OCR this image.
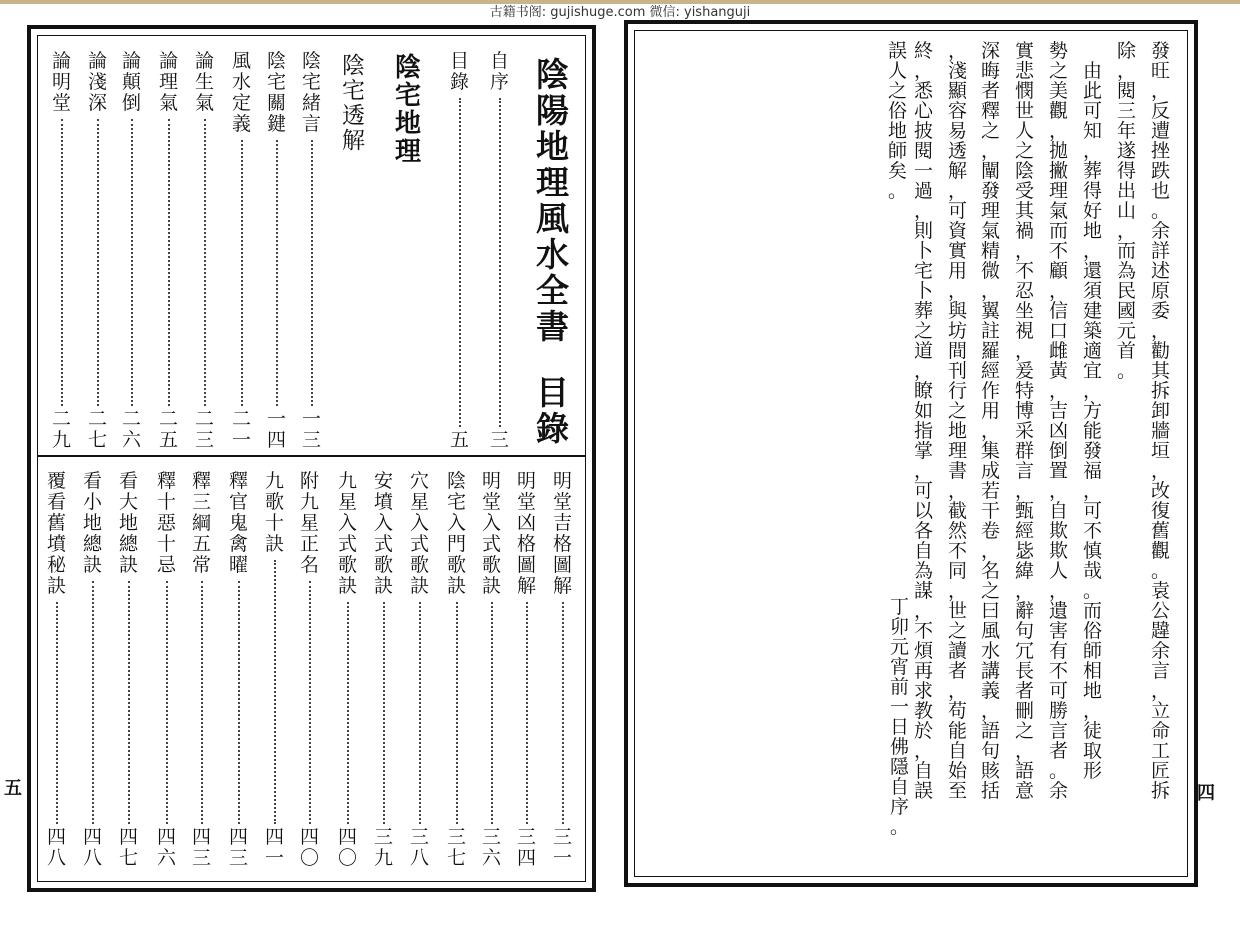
古籍书阁: gujishuge.com 微信: yishanguji
五	四
陰
陽
地
理
風
水
全
書
目
錄
自
序
三
目
錄
五
陰
宅
地
理
陰
宅
透
解
陰
宅
緒
言
一
三
陰
宅
關
鍵
一
四
風
水
定
義
二
一
論
生
氣
二
三
論
理
氣
二
五
論
顛
倒
二
六
論
淺
深
二
七
論
明
堂
二
九
明
堂
吉
格
圖
解
三
一
明
堂
凶
格
圖
解
三
四
明
堂
入
式
歌
訣
三
六
陰
宅
入
門
歌
訣
三
七
穴
星
入
式
歌
訣
三
八
安
墳
入
式
歌
訣
三
九
九
星
入
式
歌
訣
四
〇
附
九
星
正
名
四
〇
九
歌
十
訣
四
一
釋
官
鬼
禽
曜
四
三
釋
三
綱
五
常
四
三
釋
十
惡
十
忌
四
六
看
大
地
總
訣
四
七
看
小
地
總
訣
四
八
覆
看
舊
墳
秘
訣
四
八
發
旺
，
反
遭
挫
跌
也
。
余
詳
述
原
委
，
勸
其
拆
卸
牆
垣
，
改
復
舊
觀
。
袁
公
韙
余
言
，
立
命
工
匠
拆
除
，
閱
三
年
遂
得
出
山
，
而
為
民
國
元
首
。

由
此
可
知
，
葬
得
好
地
，
還
須
建
築
適
宜
，
方
能
發
福
，
可
不
慎
哉
。
而
俗
師
相
地
，
徒
取
形
勢
之
美
觀
，
拋
撇
理
氣
而
不
顧
，
信
口
雌
黃
，
吉
凶
倒
置
，
自
欺
欺
人
，
遺
害
有
不
可
勝
言
者
。
余
實
悲
憫
世
人
之
陰
受
其
禍
，
不
忍
坐
視
，
爰
特
博
采
群
言
，
甄
經
毖
緯
，
辭
句
冗
長
者
刪
之
，
語
意
深
晦
者
釋
之
，
闡
發
理
氣
精
微
，
翼
註
羅
經
作
用
，
集
成
若
干
卷
，
名
之
曰
風
水
講
義
，
語
句
賅
括
，
淺
顯
容
易
透
解
，
可
資
實
用
，
與
坊
間
刊
行
之
地
理
書
，
截
然
不
同
，
世
之
讀
者
，
苟
能
自
始
至
終
，
悉
心
披
閱
一
過
，
則
卜
宅
卜
葬
之
道
，
瞭
如
指
掌
，
可
以
各
自
為
謀
，
不
煩
再
求
教
於
，
自
誤
誤
人
之
俗
地
師
矣
。
丁
卯
元
宵
前
一
日
佛
隱
自
序
。
